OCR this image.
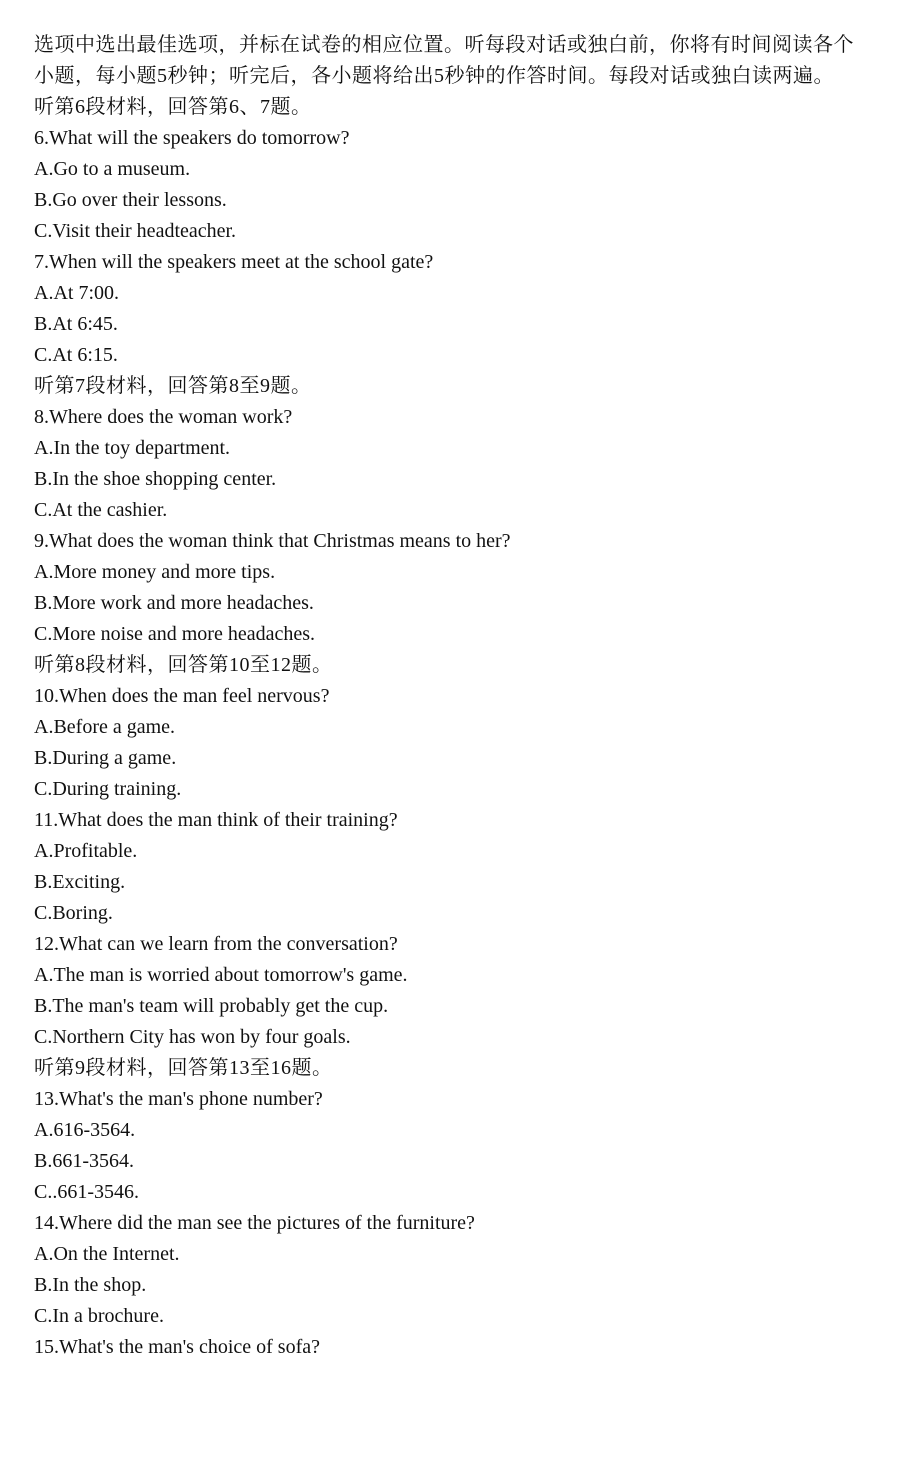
选项中选出最佳选项，并标在试卷的相应位置。听每段对话或独白前，你将有时间阅读各个小题，每小题5秒钟；听完后，各小题将给出5秒钟的作答时间。每段对话或独白读两遍。

听第6段材料，回答第6、7题。
6.What will the speakers do tomorrow?
A.Go to a museum.
B.Go over their lessons.
C.Visit their headteacher.
7.When will the speakers meet at the school gate?
A.At 7:00.
B.At 6:45.
C.At 6:15.
听第7段材料，回答第8至9题。
8.Where does the woman work?
A.In the toy department.
B.In the shoe shopping center.
C.At the cashier.
9.What does the woman think that Christmas means to her?
A.More money and more tips.
B.More work and more headaches.
C.More noise and more headaches.
听第8段材料，回答第10至12题。
10.When does the man feel nervous?
A.Before a game.
B.During a game.
C.During training.
11.What does the man think of their training?
A.Profitable.
B.Exciting.
C.Boring.
12.What can we learn from the conversation?
A.The man is worried about tomorrow's game.
B.The man's team will probably get the cup.
C.Northern City has won by four goals.
听第9段材料，回答第13至16题。
13.What's the man's phone number?
A.616-3564.
B.661-3564.
C..661-3546.
14.Where did the man see the pictures of the furniture?
A.On the Internet.
B.In the shop.
C.In a brochure.
15.What's the man's choice of sofa?
